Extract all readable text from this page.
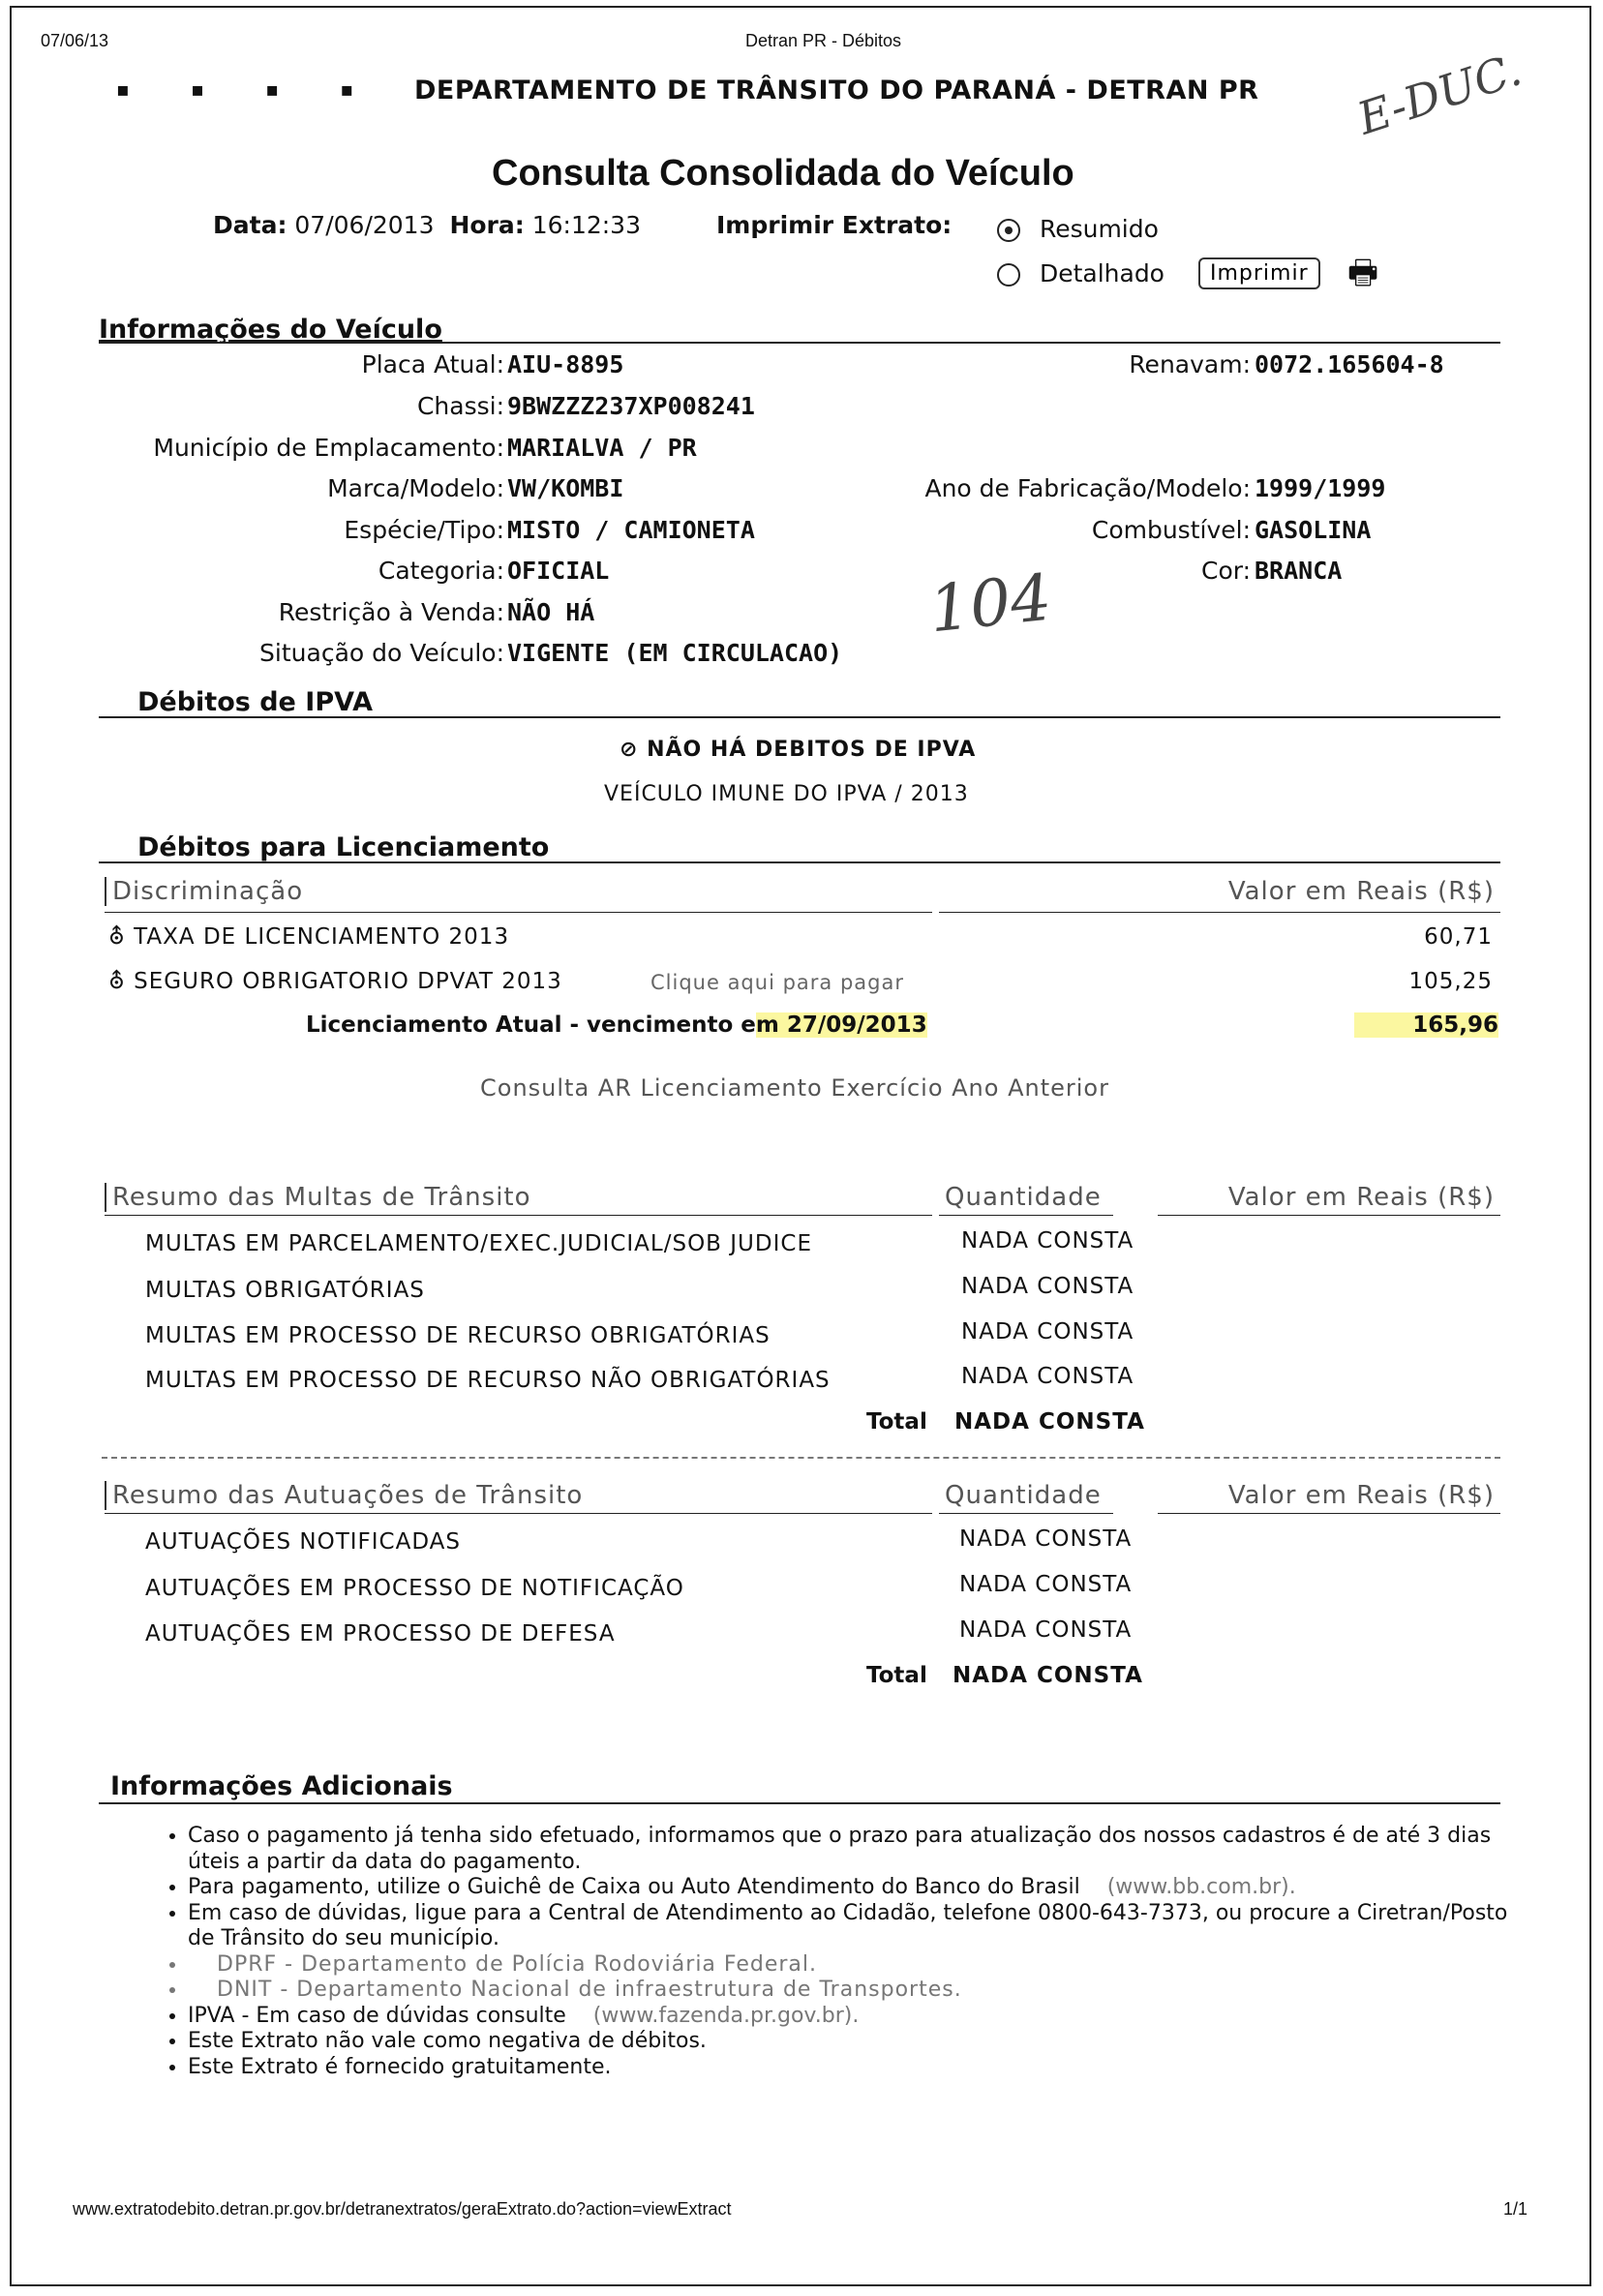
07/06/13	Detran PR - Débitos
▪          ▪          ▪          ▪ DEPARTAMENTO DE TRÂNSITO DO PARANÁ - DETRAN PR E-DUC.
Consulta Consolidada do Veículo
Data: 07/06/2013 Hora: 16:12:33	Imprimir Extrato:	Resumido
Detalhado	Imprimir	🖶
Informações do Veículo
Placa Atual: AIU-8895	Renavam: 0072.165604-8
Chassi: 9BWZZZ237XP008241
Município de Emplacamento: MARIALVA / PR
Marca/Modelo: VW/KOMBI	Ano de Fabricação/Modelo: 1999/1999
Espécie/Tipo: MISTO / CAMIONETA	Combustível: GASOLINA
Categoria: OFICIAL	Cor: BRANCA
Restrição à Venda: NÃO HÁ
Situação do Veículo: VIGENTE (EM CIRCULACAO)
104
Débitos de IPVA
⊘ NÃO HÁ DEBITOS DE IPVA
VEÍCULO IMUNE DO IPVA / 2013
Débitos para Licenciamento
Discriminação	Valor em Reais (R$)
⛢ TAXA DE LICENCIAMENTO 2013	60,71
⛢ SEGURO OBRIGATORIO DPVAT 2013	Clique aqui para pagar	105,25
Licenciamento Atual - vencimento em 27/09/2013	165,96
Consulta AR Licenciamento Exercício Ano Anterior
Resumo das Multas de Trânsito	Quantidade	Valor em Reais (R$)
MULTAS EM PARCELAMENTO/EXEC.JUDICIAL/SOB JUDICE	NADA CONSTA
MULTAS OBRIGATÓRIAS	NADA CONSTA
MULTAS EM PROCESSO DE RECURSO OBRIGATÓRIAS	NADA CONSTA
MULTAS EM PROCESSO DE RECURSO NÃO OBRIGATÓRIAS	NADA CONSTA
Total NADA CONSTA
Resumo das Autuações de Trânsito	Quantidade	Valor em Reais (R$)
AUTUAÇÕES NOTIFICADAS	NADA CONSTA
AUTUAÇÕES EM PROCESSO DE NOTIFICAÇÃO	NADA CONSTA
AUTUAÇÕES EM PROCESSO DE DEFESA	NADA CONSTA
Total NADA CONSTA
Informações Adicionais
• Caso o pagamento já tenha sido efetuado, informamos que o prazo para atualização dos nossos cadastros é de até 3 dias úteis a partir da data do pagamento.
• Para pagamento, utilize o Guichê de Caixa ou Auto Atendimento do Banco do Brasil (www.bb.com.br).
• Em caso de dúvidas, ligue para a Central de Atendimento ao Cidadão, telefone 0800-643-7373, ou procure a Ciretran/Posto de Trânsito do seu município.
• DPRF - Departamento de Polícia Rodoviária Federal.
• DNIT - Departamento Nacional de infraestrutura de Transportes.
• IPVA - Em caso de dúvidas consulte (www.fazenda.pr.gov.br).
• Este Extrato não vale como negativa de débitos.
• Este Extrato é fornecido gratuitamente.
www.extratodebito.detran.pr.gov.br/detranextratos/geraExtrato.do?action=viewExtract	1/1
